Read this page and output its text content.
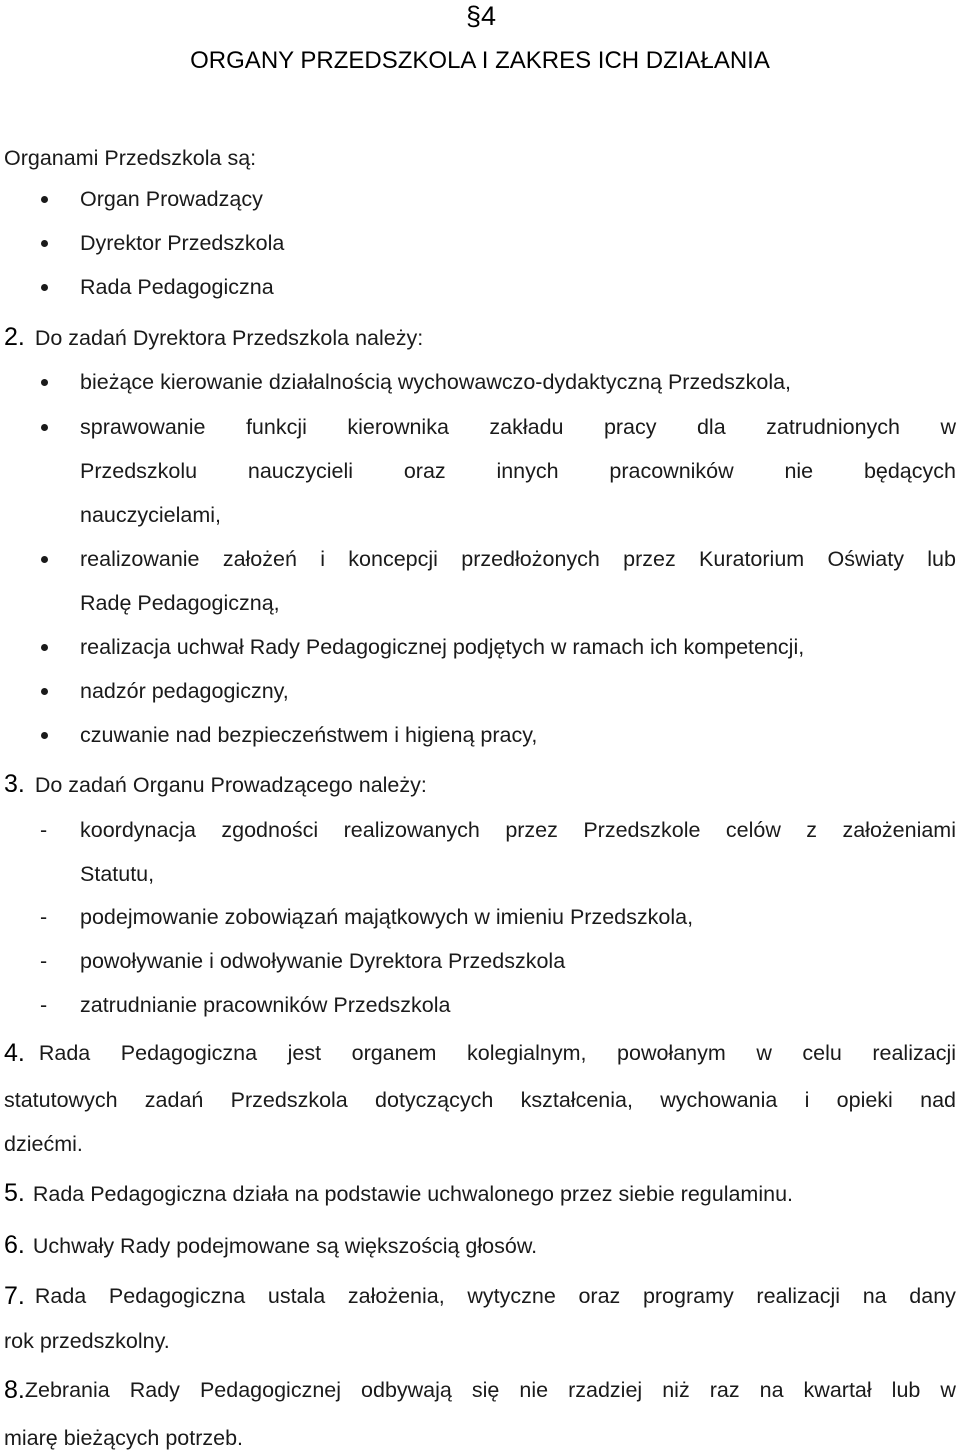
§4
ORGANY PRZEDSZKOLA I ZAKRES ICH DZIAŁANIA
Organami Przedszkola są:
Organ Prowadzący
Dyrektor Przedszkola
Rada Pedagogiczna
2. Do zadań Dyrektora Przedszkola należy:
bieżące kierowanie działalnością wychowawczo-dydaktyczną Przedszkola,
sprawowanie funkcji kierownika zakładu pracy dla zatrudnionych w
Przedszkolu nauczycieli oraz innych pracowników nie będących
nauczycielami,
realizowanie założeń i koncepcji przedłożonych przez Kuratorium Oświaty lub
Radę Pedagogiczną,
realizacja uchwał Rady Pedagogicznej podjętych w ramach ich kompetencji,
nadzór pedagogiczny,
czuwanie nad bezpieczeństwem i higieną pracy,
3. Do zadań Organu Prowadzącego należy:
- koordynacja zgodności realizowanych przez Przedszkole celów z założeniami
Statutu,
- podejmowanie zobowiązań majątkowych w imieniu Przedszkola,
- powoływanie i odwoływanie Dyrektora Przedszkola
- zatrudnianie pracowników Przedszkola
4. Rada Pedagogiczna jest organem kolegialnym, powołanym w celu realizacji
statutowych zadań Przedszkola dotyczących kształcenia, wychowania i opieki nad
dziećmi.
5. Rada Pedagogiczna działa na podstawie uchwalonego przez siebie regulaminu.
6. Uchwały Rady podejmowane są większością głosów.
7. Rada Pedagogiczna ustala założenia, wytyczne oraz programy realizacji na dany
rok przedszkolny.
8. Zebrania Rady Pedagogicznej odbywają się nie rzadziej niż raz na kwartał lub w
miarę bieżących potrzeb.
